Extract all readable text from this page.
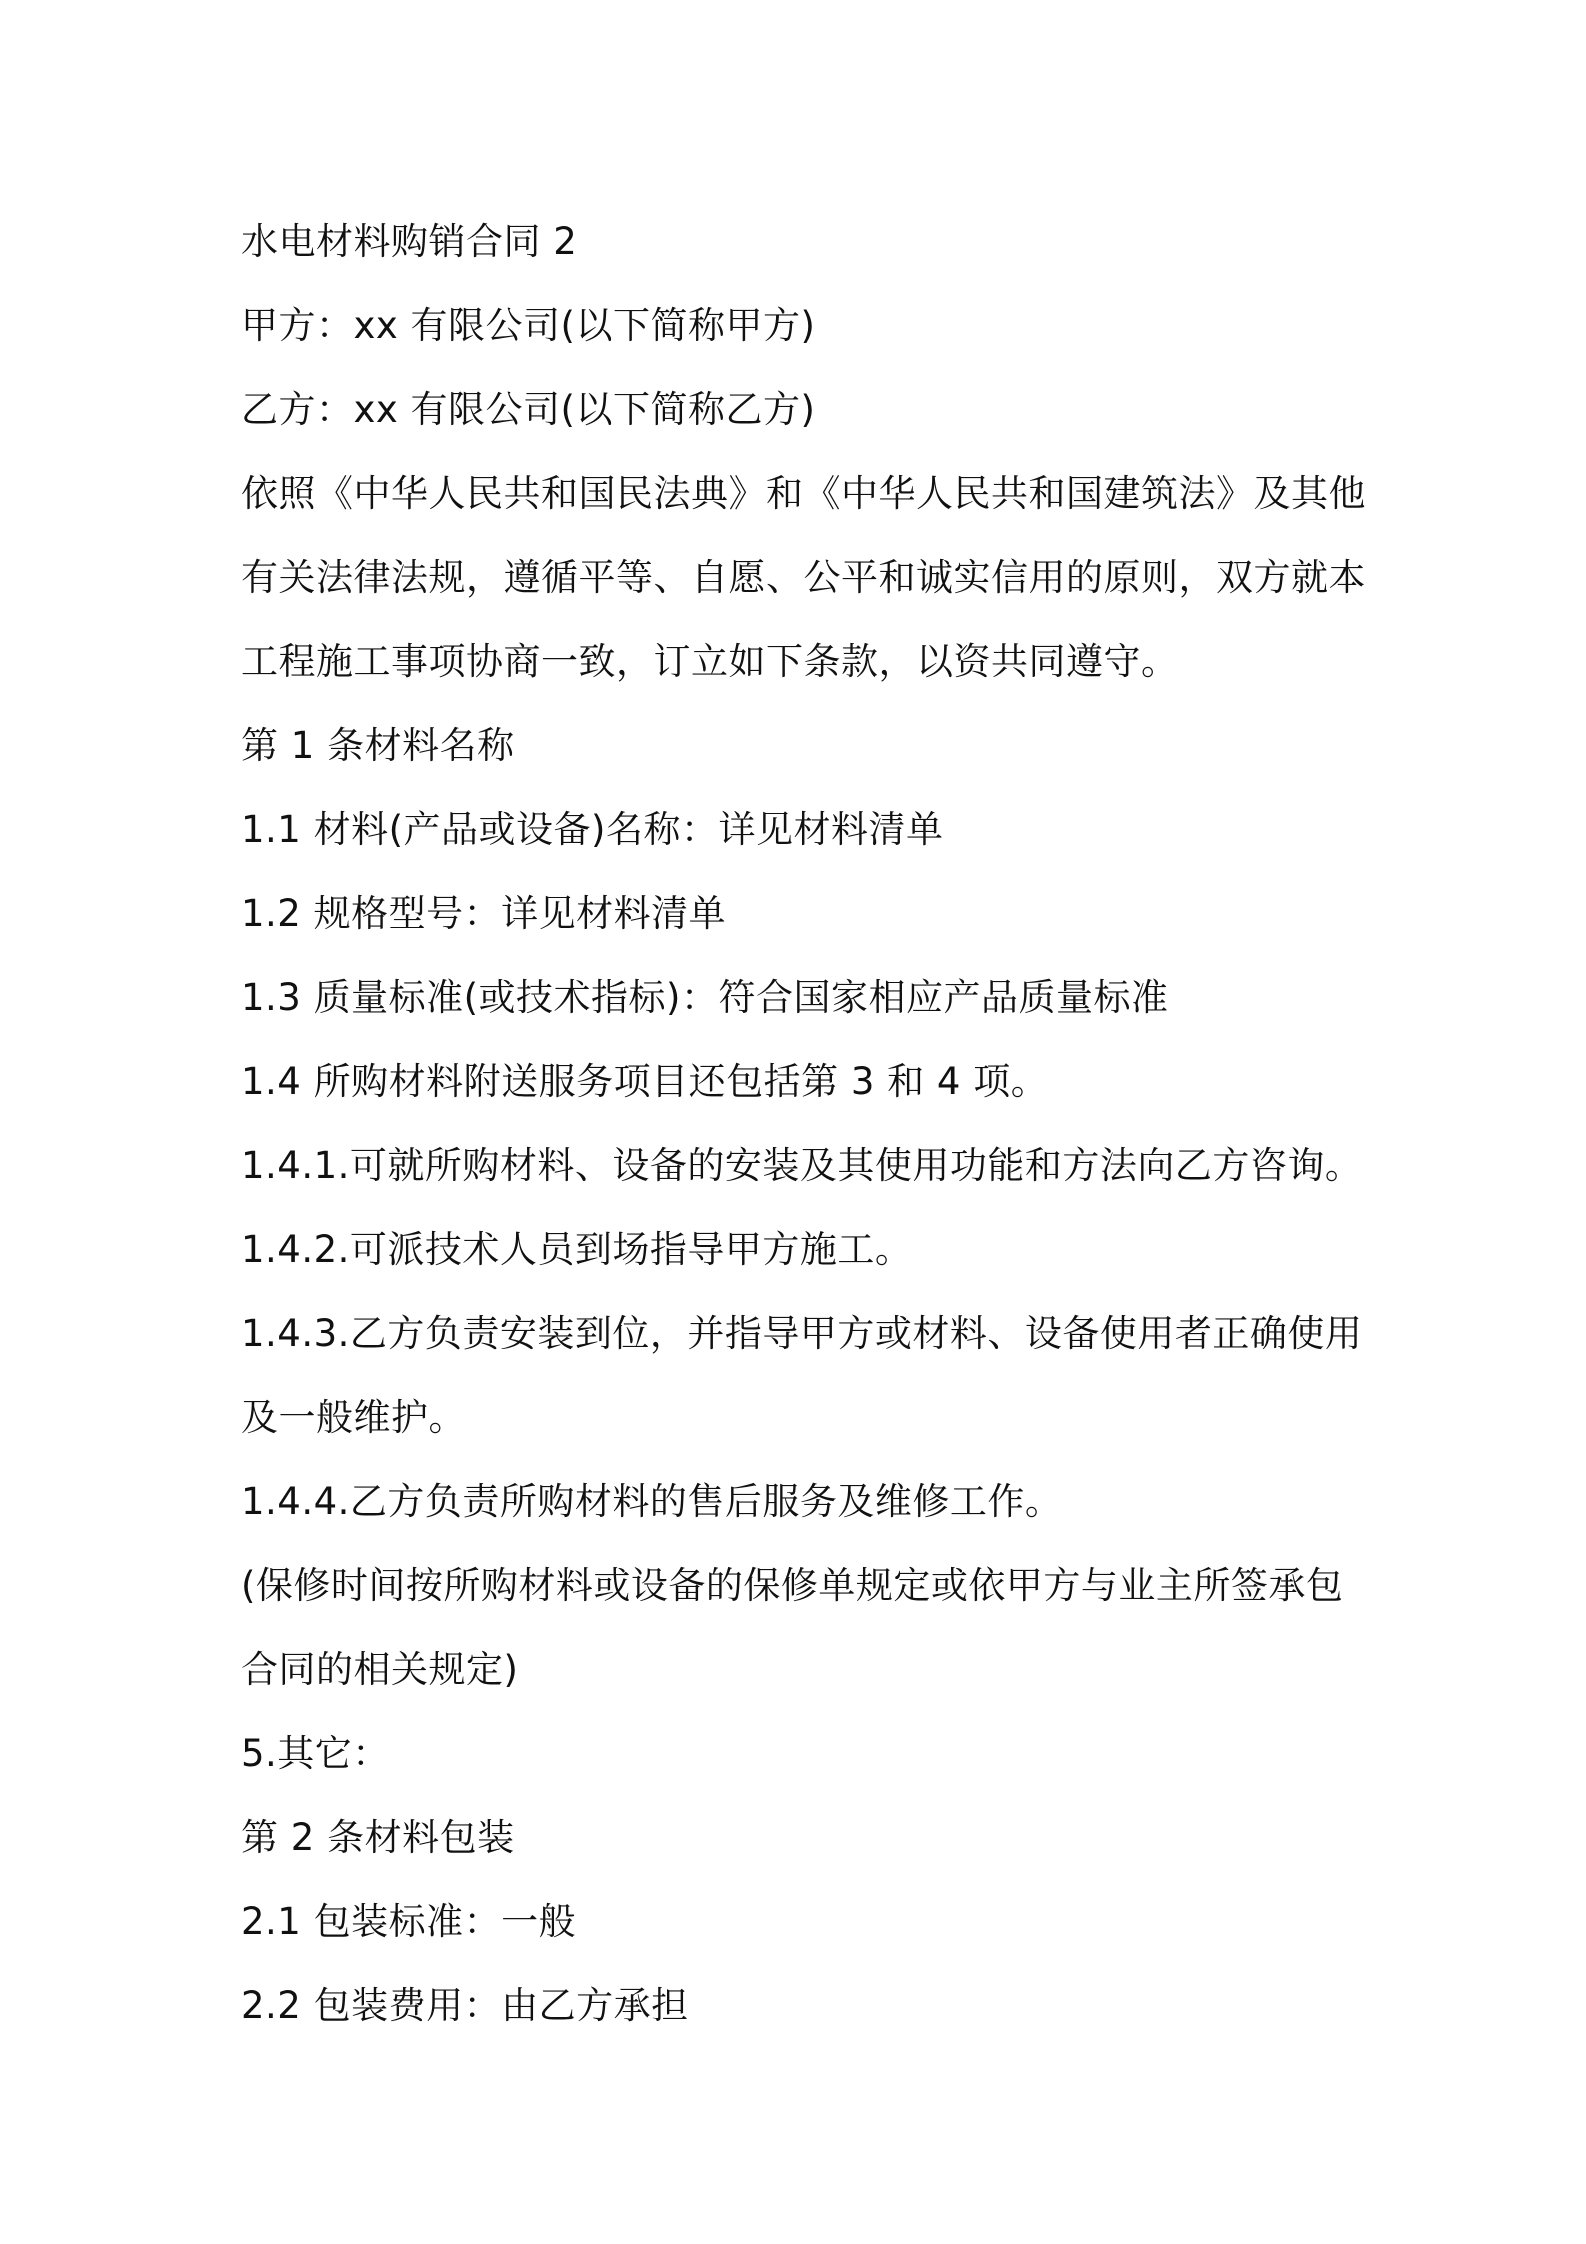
水电材料购销合同 2
甲方：xx 有限公司(以下简称甲方)
乙方：xx 有限公司(以下简称乙方)
依照《中华人民共和国民法典》和《中华人民共和国建筑法》及其他
有关法律法规，遵循平等、自愿、公平和诚实信用的原则，双方就本
工程施工事项协商一致，订立如下条款，以资共同遵守。
第 1 条材料名称
1.1 材料(产品或设备)名称：详见材料清单
1.2 规格型号：详见材料清单
1.3 质量标准(或技术指标)：符合国家相应产品质量标准
1.4 所购材料附送服务项目还包括第 3 和 4 项。
1.4.1.可就所购材料、设备的安装及其使用功能和方法向乙方咨询。
1.4.2.可派技术人员到场指导甲方施工。
1.4.3.乙方负责安装到位，并指导甲方或材料、设备使用者正确使用
及一般维护。
1.4.4.乙方负责所购材料的售后服务及维修工作。
(保修时间按所购材料或设备的保修单规定或依甲方与业主所签承包
合同的相关规定)
5.其它：
第 2 条材料包装
2.1 包装标准：一般
2.2 包装费用：由乙方承担
